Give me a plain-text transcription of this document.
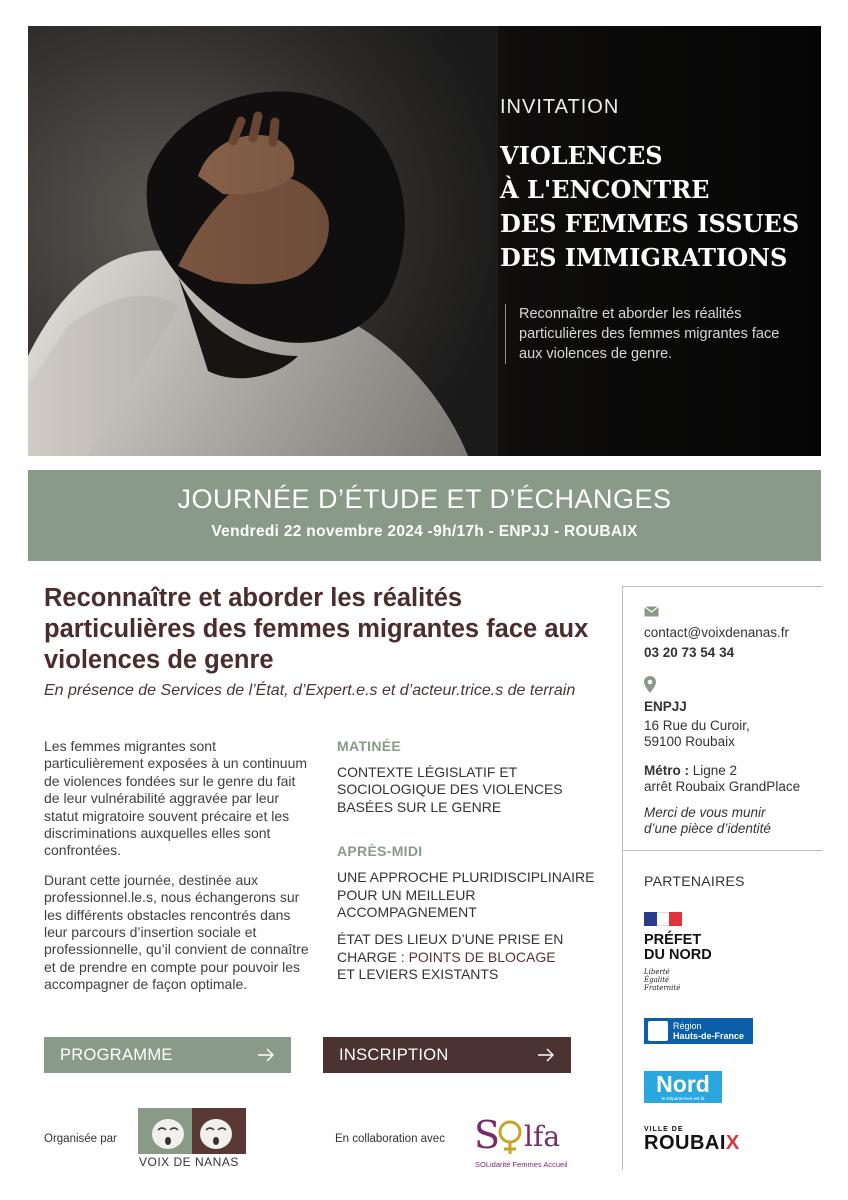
INVITATION
VIOLENCES
À L'ENCONTRE
DES FEMMES ISSUES
DES IMMIGRATIONS
Reconnaître et aborder les réalités particulières des femmes migrantes face aux violences de genre.
JOURNÉE D’ÉTUDE ET D’ÉCHANGES
Vendredi 22 novembre 2024 -9h/17h - ENPJJ - ROUBAIX
Reconnaître et aborder les réalités particulières des femmes migrantes face aux violences de genre
En présence de Services de l’État, d’Expert.e.s et d’acteur.trice.s de terrain

Les femmes migrantes sont particulièrement exposées à un continuum de violences fondées sur le genre du fait de leur vulnérabilité aggravée par leur statut migratoire souvent précaire et les discriminations auxquelles elles sont confrontées.

Durant cette journée, destinée aux professionnel.le.s, nous échangerons sur les différents obstacles rencontrés dans leur parcours d’insertion sociale et professionnelle, qu’il convient de connaître et de prendre en compte pour pouvoir les accompagner de façon optimale.

MATINÉE
CONTEXTE LÉGISLATIF ET SOCIOLOGIQUE DES VIOLENCES BASÉES SUR LE GENRE
APRÈS-MIDI
UNE APPROCHE PLURIDISCIPLINAIRE POUR UN MEILLEUR ACCOMPAGNEMENT
ÉTAT DES LIEUX D’UNE PRISE EN CHARGE : POINTS DE BLOCAGE
ET LEVIERS EXISTANTS
PROGRAMME	INSCRIPTION
Organisée par
VOIX DE NANAS
En collaboration avec S lfa
SOLidarité Femmes Accueil
contact@voixdenanas.fr
03 20 73 54 34
ENPJJ
16 Rue du Curoir,
59100 Roubaix
Métro : Ligne 2
arrêt Roubaix GrandPlace
Merci de vous munir
d’une pièce d’identité
PARTENAIRES
PRÉFET
DU NORD
Liberté
Égalité
Fraternité
Région
Hauts-de-France
Nord
le Département est là
VILLE DE
ROUBAIX
